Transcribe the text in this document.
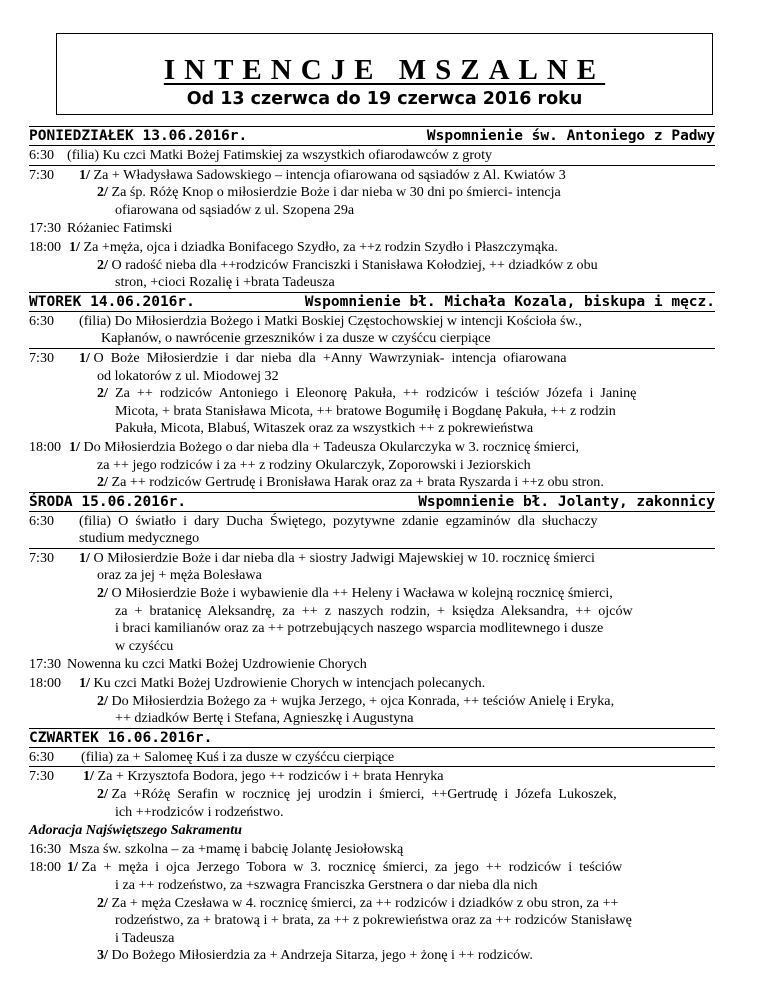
INTENCJE MSZALNE
Od 13 czerwca do 19 czerwca 2016 roku
PONIEDZIAŁEK 13.06.2016r.	Wspomnienie św. Antoniego z Padwy
6:30 (filia) Ku czci Matki Bożej Fatimskiej za wszystkich ofiarodawców z groty
7:30	1/ Za + Władysława Sadowskiego – intencja ofiarowana od sąsiadów z Al. Kwiatów 3
2/ Za śp. Różę Knop o miłosierdzie Boże i dar nieba w 30 dni po śmierci- intencja
ofiarowana od sąsiadów z ul. Szopena 29a
17:30 Różaniec Fatimski
18:00 1/ Za +męża, ojca i dziadka Bonifacego Szydło, za ++z rodzin Szydło i Płaszczymąka.
2/ O radość nieba dla ++rodziców Franciszki i Stanisława Kołodziej, ++ dziadków z obu
stron, +cioci Rozalię i +brata Tadeusza
WTOREK 14.06.2016r.	Wspomnienie bł. Michała Kozala, biskupa i męcz.
6:30	(filia) Do Miłosierdzia Bożego i Matki Boskiej Częstochowskiej w intencji Kościoła św.,
Kapłanów, o nawrócenie grzeszników i za dusze w czyśćcu cierpiące
7:30	1/ O  Boże  Miłosierdzie  i  dar  nieba  dla  +Anny  Wawrzyniak-  intencja  ofiarowana
od lokatorów z ul. Miodowej 32
2/  Za  ++  rodziców  Antoniego  i  Eleonorę  Pakuła,  ++  rodziców  i  teściów  Józefa  i  Janinę
Micota, + brata Stanisława Micota, ++ bratowe Bogumiłę i Bogdanę Pakuła, ++ z rodzin
Pakuła, Micota, Blabuś, Witaszek oraz za wszystkich ++ z pokrewieństwa
18:00 1/ Do Miłosierdzia Bożego o dar nieba dla + Tadeusza Okularczyka w 3. rocznicę śmierci,
za ++ jego rodziców i za ++ z rodziny Okularczyk, Zoporowski i Jeziorskich
2/ Za ++ rodziców Gertrudę i Bronisława Harak oraz za + brata Ryszarda i ++z obu stron.
ŚRODA 15.06.2016r.	Wspomnienie bł. Jolanty, zakonnicy
6:30	(filia)  O  światło  i  dary  Ducha  Świętego,  pozytywne  zdanie  egzaminów  dla  słuchaczy
studium medycznego
7:30	1/ O Miłosierdzie Boże i dar nieba dla + siostry Jadwigi Majewskiej w 10. rocznicę śmierci
oraz za jej + męża Bolesława
2/ O Miłosierdzie Boże i wybawienie dla ++ Heleny i Wacława w kolejną rocznicę śmierci,
za  +  bratanicę  Aleksandrę,  za  ++  z  naszych  rodzin,  +  księdza  Aleksandra,  ++  ojców
i braci kamilianów oraz za ++ potrzebujących naszego wsparcia modlitewnego i dusze
w czyśćcu
17:30 Nowenna ku czci Matki Bożej Uzdrowienie Chorych
18:00	1/ Ku czci Matki Bożej Uzdrowienie Chorych w intencjach polecanych.
2/ Do Miłosierdzia Bożego za + wujka Jerzego, + ojca Konrada, ++ teściów Anielę i Eryka,
++ dziadków Bertę i Stefana, Agnieszkę i Augustyna
CZWARTEK 16.06.2016r.
6:30	(filia) za + Salomeę Kuś i za dusze w czyśćcu cierpiące
7:30	1/ Za + Krzysztofa Bodora, jego ++ rodziców i + brata Henryka
2/ Za  +Różę  Serafin  w  rocznicę  jej  urodzin  i  śmierci,  ++Gertrudę  i  Józefa  Lukoszek,
ich ++rodziców i rodzeństwo.
Adoracja Najświętszego Sakramentu
16:30 Msza św. szkolna – za +mamę i babcię Jolantę Jesiołowską
18:00 1/ Za  +  męża  i  ojca  Jerzego  Tobora  w  3.  rocznicę  śmierci,  za  jego  ++  rodziców  i  teściów
i za ++ rodzeństwo, za +szwagra Franciszka Gerstnera o dar nieba dla nich
2/ Za + męża Czesława w 4. rocznicę śmierci, za ++ rodziców i dziadków z obu stron, za ++
rodzeństwo, za + bratową i + brata, za ++ z pokrewieństwa oraz za ++ rodziców Stanisławę
i Tadeusza
3/ Do Bożego Miłosierdzia za + Andrzeja Sitarza, jego + żonę i ++ rodziców.
